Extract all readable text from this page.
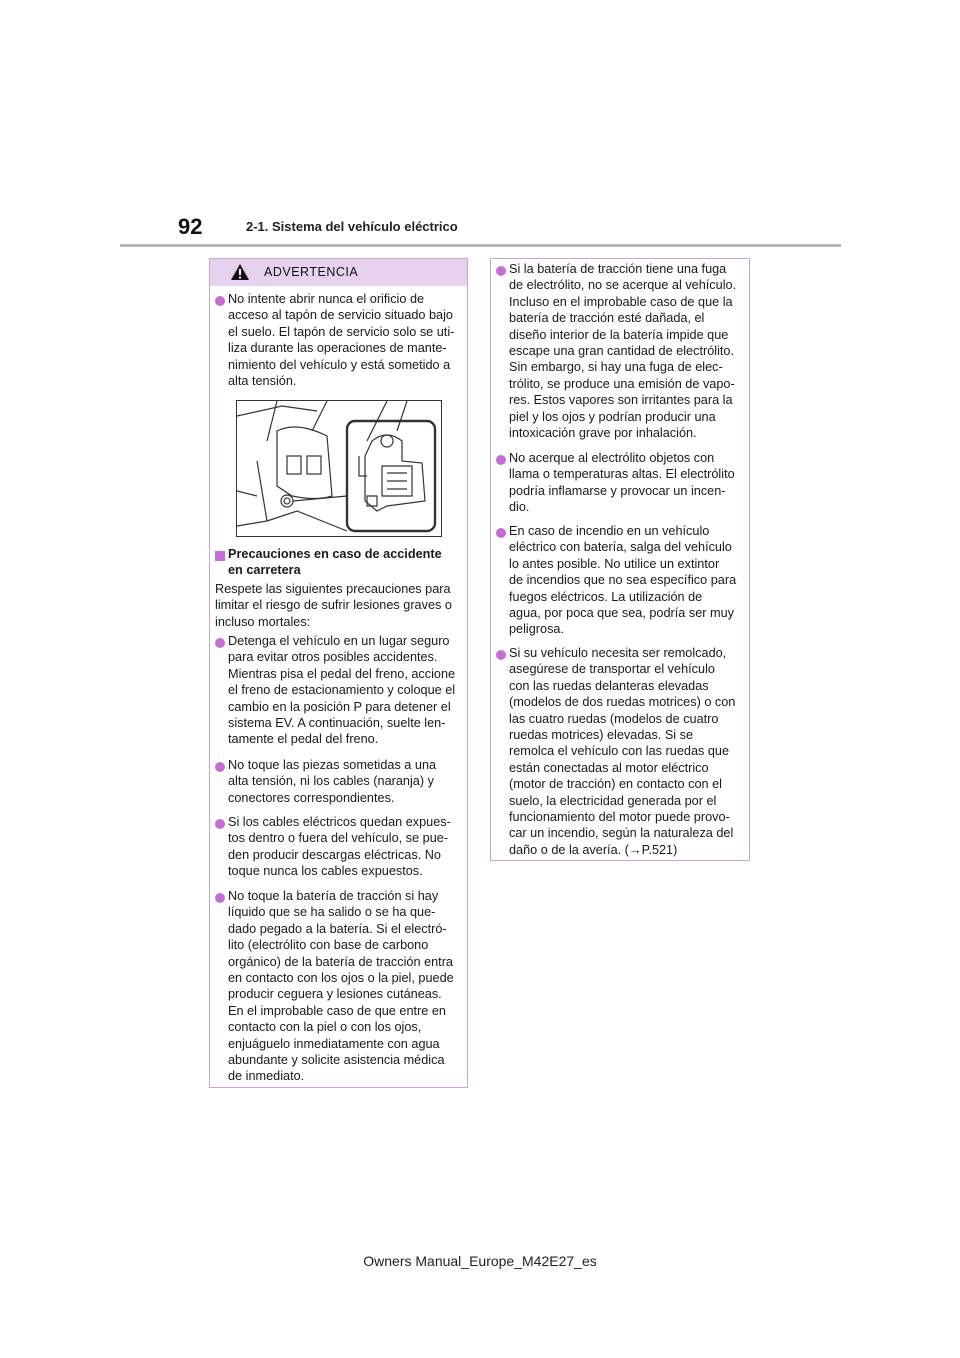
92	2-1. Sistema del vehículo eléctrico
ADVERTENCIA
No intente abrir nunca el orificio de
acceso al tapón de servicio situado bajo
el suelo. El tapón de servicio solo se uti-
liza durante las operaciones de mante-
nimiento del vehículo y está sometido a
alta tensión.
Precauciones en caso de accidente
en carretera
Respete las siguientes precauciones para
limitar el riesgo de sufrir lesiones graves o
incluso mortales:
Detenga el vehículo en un lugar seguro
para evitar otros posibles accidentes.
Mientras pisa el pedal del freno, accione
el freno de estacionamiento y coloque el
cambio en la posición P para detener el
sistema EV. A continuación, suelte len-
tamente el pedal del freno.
No toque las piezas sometidas a una
alta tensión, ni los cables (naranja) y
conectores correspondientes.
Si los cables eléctricos quedan expues-
tos dentro o fuera del vehículo, se pue-
den producir descargas eléctricas. No
toque nunca los cables expuestos.
No toque la batería de tracción si hay
líquido que se ha salido o se ha que-
dado pegado a la batería. Si el electró-
lito (electrólito con base de carbono
orgánico) de la batería de tracción entra
en contacto con los ojos o la piel, puede
producir ceguera y lesiones cutáneas.
En el improbable caso de que entre en
contacto con la piel o con los ojos,
enjuáguelo inmediatamente con agua
abundante y solicite asistencia médica
de inmediato.
Si la batería de tracción tiene una fuga
de electrólito, no se acerque al vehículo.
Incluso en el improbable caso de que la
batería de tracción esté dañada, el
diseño interior de la batería impide que
escape una gran cantidad de electrólito.
Sin embargo, si hay una fuga de elec-
trólito, se produce una emisión de vapo-
res. Estos vapores son irritantes para la
piel y los ojos y podrían producir una
intoxicación grave por inhalación.
No acerque al electrólito objetos con
llama o temperaturas altas. El electrólito
podría inflamarse y provocar un incen-
dio.
En caso de incendio en un vehículo
eléctrico con batería, salga del vehículo
lo antes posible. No utilice un extintor
de incendios que no sea específico para
fuegos eléctricos. La utilización de
agua, por poca que sea, podría ser muy
peligrosa.
Si su vehículo necesita ser remolcado,
asegúrese de transportar el vehículo
con las ruedas delanteras elevadas
(modelos de dos ruedas motrices) o con
las cuatro ruedas (modelos de cuatro
ruedas motrices) elevadas. Si se
remolca el vehículo con las ruedas que
están conectadas al motor eléctrico
(motor de tracción) en contacto con el
suelo, la electricidad generada por el
funcionamiento del motor puede provo-
car un incendio, según la naturaleza del
daño o de la avería. (→P.521)
Owners Manual_Europe_M42E27_es
